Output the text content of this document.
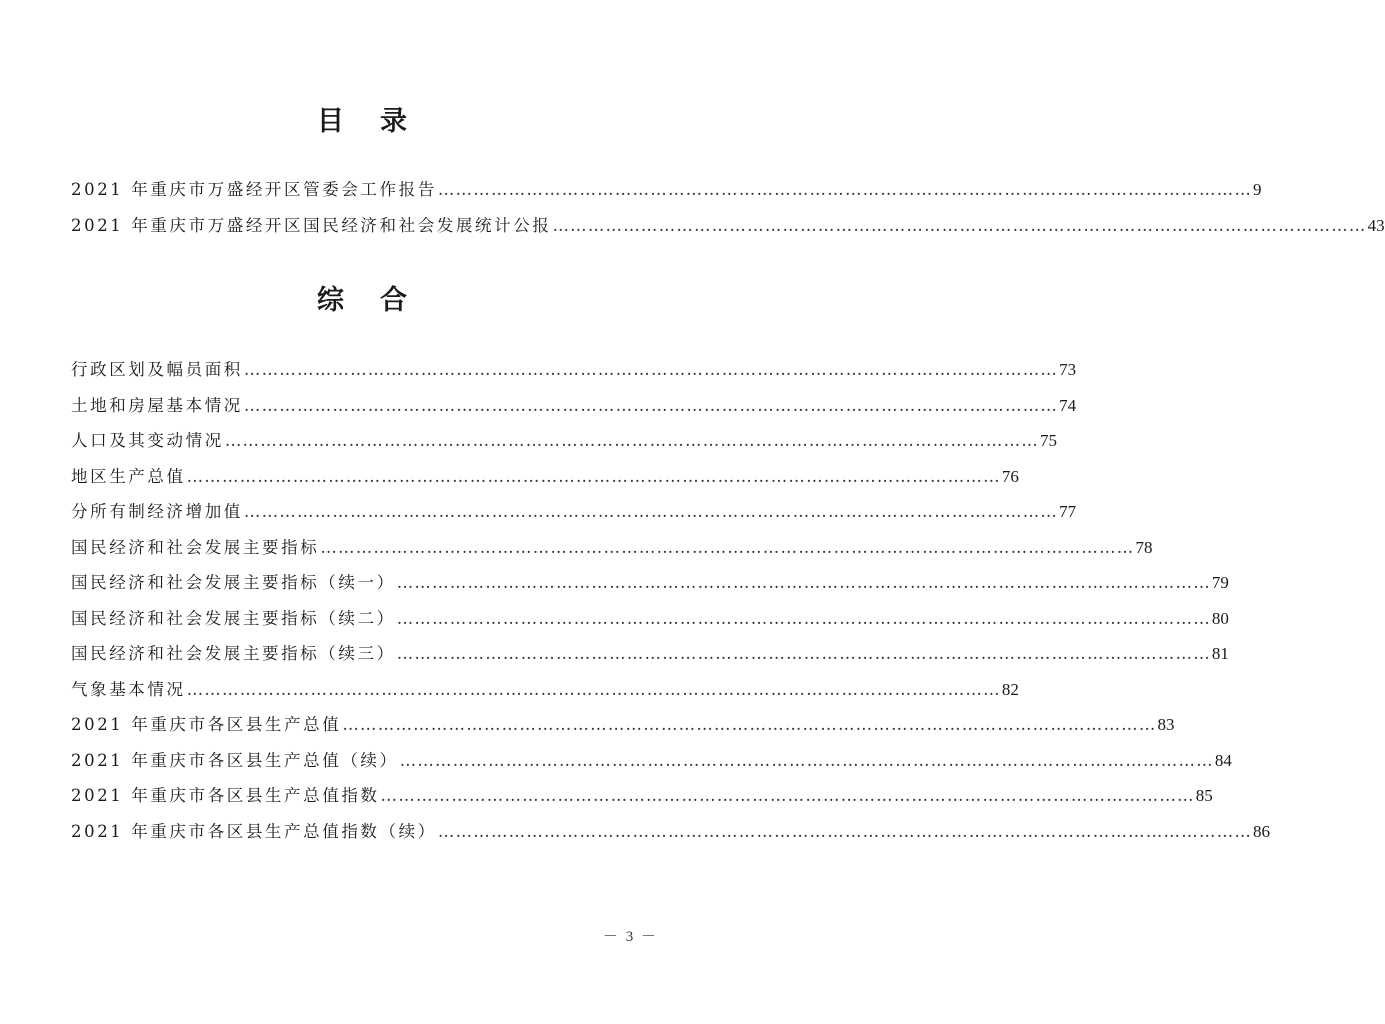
目录
2021 年重庆市万盛经开区管委会工作报告 ………………………………………………………………………………………………………………………… 9
2021 年重庆市万盛经开区国民经济和社会发展统计公报 ………………………………………………………………………………………………………………………… 43
综合
行政区划及幅员面积 ………………………………………………………………………………………………………………………… 73
土地和房屋基本情况 ………………………………………………………………………………………………………………………… 74
人口及其变动情况 ………………………………………………………………………………………………………………………… 75
地区生产总值 ………………………………………………………………………………………………………………………… 76
分所有制经济增加值 ………………………………………………………………………………………………………………………… 77
国民经济和社会发展主要指标 ………………………………………………………………………………………………………………………… 78
国民经济和社会发展主要指标（续一） ………………………………………………………………………………………………………………………… 79
国民经济和社会发展主要指标（续二） ………………………………………………………………………………………………………………………… 80
国民经济和社会发展主要指标（续三） ………………………………………………………………………………………………………………………… 81
气象基本情况 ………………………………………………………………………………………………………………………… 82
2021 年重庆市各区县生产总值 ………………………………………………………………………………………………………………………… 83
2021 年重庆市各区县生产总值（续） ………………………………………………………………………………………………………………………… 84
2021 年重庆市各区县生产总值指数 ………………………………………………………………………………………………………………………… 85
2021 年重庆市各区县生产总值指数（续） ………………………………………………………………………………………………………………………… 86
－ 3 －
